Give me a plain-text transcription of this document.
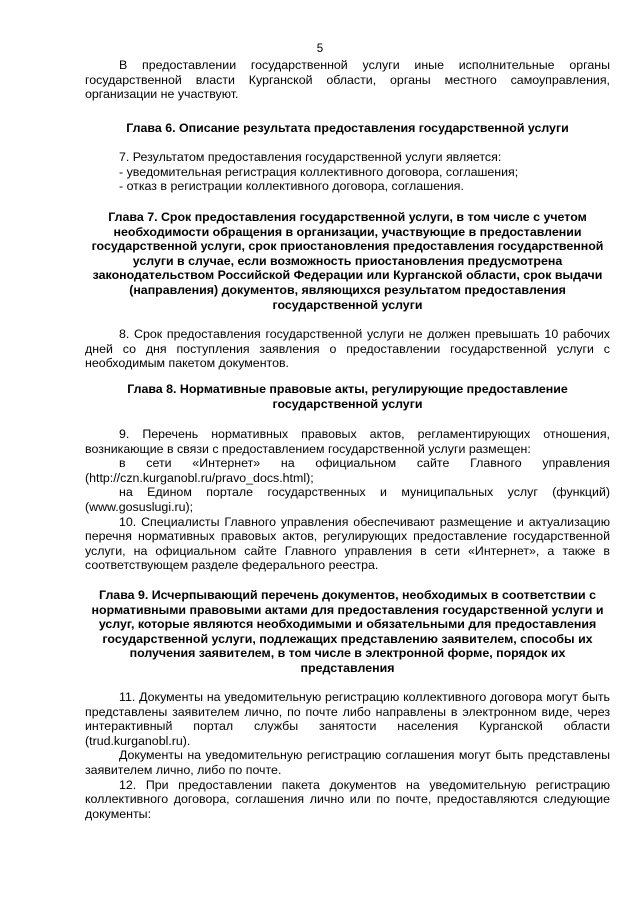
5
В предоставлении государственной услуги иные исполнительные органы государственной власти Курганской области, органы местного самоуправления, организации не участвуют.
Глава 6. Описание результата предоставления государственной услуги
7. Результатом предоставления государственной услуги является:
- уведомительная регистрация коллективного договора, соглашения;
- отказ в регистрации коллективного договора, соглашения.
Глава 7. Срок предоставления государственной услуги, в том числе с учетом необходимости обращения в организации, участвующие в предоставлении государственной услуги, срок приостановления предоставления государственной услуги в случае, если возможность приостановления предусмотрена законодательством Российской Федерации или Курганской области, срок выдачи (направления) документов, являющихся результатом предоставления государственной услуги
8. Срок предоставления государственной услуги не должен превышать 10 рабочих дней со дня поступления заявления о предоставлении государственной услуги с необходимым пакетом документов.
Глава 8. Нормативные правовые акты, регулирующие предоставление государственной услуги
9. Перечень нормативных правовых актов, регламентирующих отношения, возникающие в связи с предоставлением государственной услуги размещен:
в сети «Интернет» на официальном сайте Главного управления (http://czn.kurganobl.ru/pravo_docs.html);
на Едином портале государственных и муниципальных услуг (функций) (www.gosuslugi.ru);
10. Специалисты Главного управления обеспечивают размещение и актуализацию перечня нормативных правовых актов, регулирующих предоставление государственной услуги, на официальном сайте Главного управления в сети «Интернет», а также в соответствующем разделе федерального реестра.
Глава 9. Исчерпывающий перечень документов, необходимых в соответствии с нормативными правовыми актами для предоставления государственной услуги и услуг, которые являются необходимыми и обязательными для предоставления государственной услуги, подлежащих представлению заявителем, способы их получения заявителем, в том числе в электронной форме, порядок их представления
11. Документы на уведомительную регистрацию коллективного договора могут быть представлены заявителем лично, по почте либо направлены в электронном виде, через интерактивный портал службы занятости населения Курганской области (trud.kurganobl.ru).
Документы на уведомительную регистрацию соглашения могут быть представлены заявителем лично, либо по почте.
12. При предоставлении пакета документов на уведомительную регистрацию коллективного договора, соглашения лично или по почте, предоставляются следующие документы:
